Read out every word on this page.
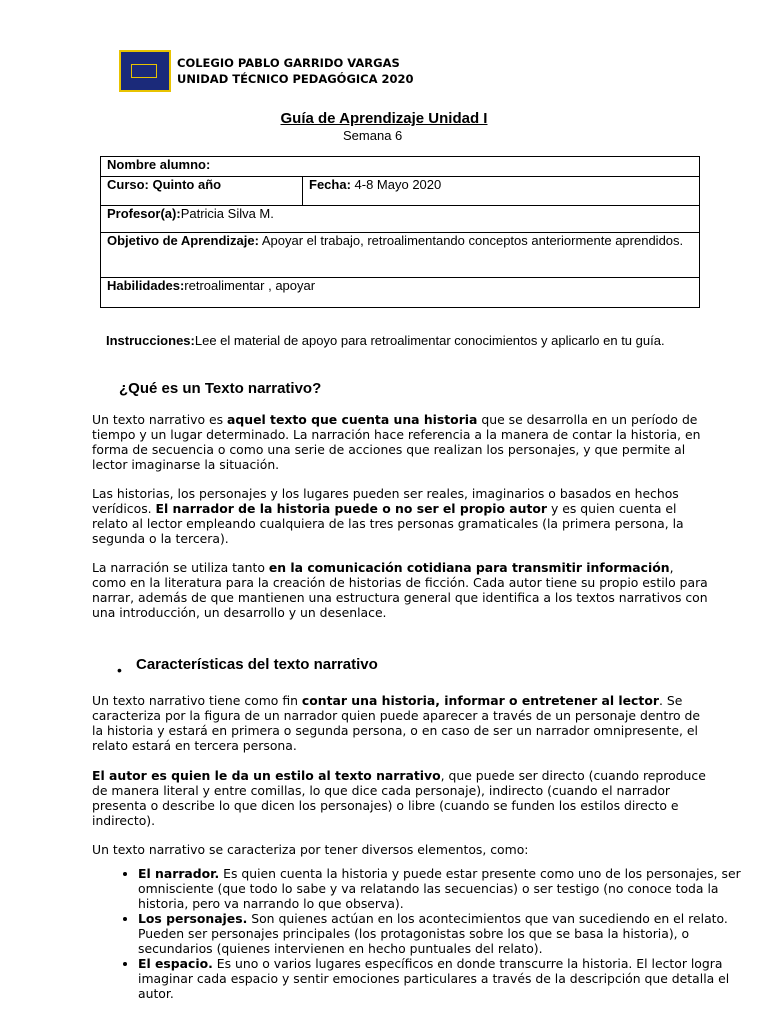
COLEGIO PABLO GARRIDO VARGAS
UNIDAD TÉCNICO PEDAGÓGICA 2020
Guía de Aprendizaje Unidad I
Semana 6
Nombre alumno:
Curso: Quinto año	Fecha: 4-8 Mayo 2020
Profesor(a):Patricia Silva M.
Objetivo de Aprendizaje: Apoyar el trabajo, retroalimentando conceptos anteriormente aprendidos.
Habilidades:retroalimentar , apoyar
Instrucciones:Lee el material de apoyo para retroalimentar conocimientos y aplicarlo en tu guía.
¿Qué es un Texto narrativo?
Un texto narrativo es aquel texto que cuenta una historia que se desarrolla en un período de tiempo y un lugar determinado. La narración hace referencia a la manera de contar la historia, en forma de secuencia o como una serie de acciones que realizan los personajes, y que permite al lector imaginarse la situación.
Las historias, los personajes y los lugares pueden ser reales, imaginarios o basados en hechos verídicos. El narrador de la historia puede o no ser el propio autor y es quien cuenta el relato al lector empleando cualquiera de las tres personas gramaticales (la primera persona, la segunda o la tercera).
La narración se utiliza tanto en la comunicación cotidiana para transmitir información, como en la literatura para la creación de historias de ficción. Cada autor tiene su propio estilo para narrar, además de que mantienen una estructura general que identifica a los textos narrativos con una introducción, un desarrollo y un desenlace.
• Características del texto narrativo
Un texto narrativo tiene como fin contar una historia, informar o entretener al lector. Se caracteriza por la figura de un narrador quien puede aparecer a través de un personaje dentro de la historia y estará en primera o segunda persona, o en caso de ser un narrador omnipresente, el relato estará en tercera persona.
El autor es quien le da un estilo al texto narrativo, que puede ser directo (cuando reproduce de manera literal y entre comillas, lo que dice cada personaje), indirecto (cuando el narrador presenta o describe lo que dicen los personajes) o libre (cuando se funden los estilos directo e indirecto).
Un texto narrativo se caracteriza por tener diversos elementos, como:
• El narrador. Es quien cuenta la historia y puede estar presente como uno de los personajes, ser omnisciente (que todo lo sabe y va relatando las secuencias) o ser testigo (no conoce toda la historia, pero va narrando lo que observa).
• Los personajes. Son quienes actúan en los acontecimientos que van sucediendo en el relato. Pueden ser personajes principales (los protagonistas sobre los que se basa la historia), o secundarios (quienes intervienen en hecho puntuales del relato).
• El espacio. Es uno o varios lugares específicos en donde transcurre la historia. El lector logra imaginar cada espacio y sentir emociones particulares a través de la descripción que detalla el autor.
